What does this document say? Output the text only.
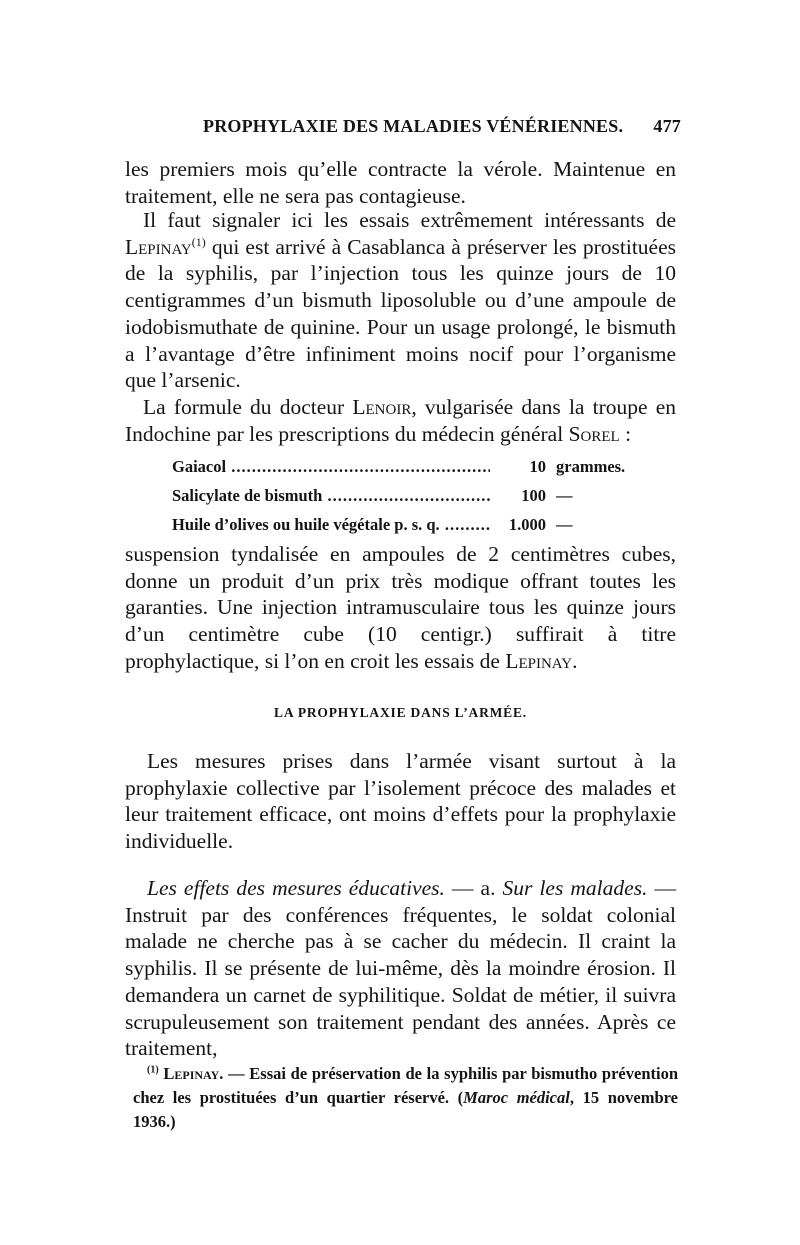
PROPHYLAXIE DES MALADIES VÉNÉRIENNES. 477
les premiers mois qu’elle contracte la vérole. Maintenue en traitement, elle ne sera pas contagieuse.
Il faut signaler ici les essais extrêmement intéressants de Lepinay$^{(1)}$ qui est arrivé à Casablanca à préserver les prostituées de la syphilis, par l’injection tous les quinze jours de 10 centigrammes d’un bismuth liposoluble ou d’une ampoule de iodobismuthate de quinine. Pour un usage prolongé, le bismuth a l’avantage d’être infiniment moins nocif pour l’organisme que l’arsenic.
La formule du docteur Lenoir, vulgarisée dans la troupe en Indochine par les prescriptions du médecin général Sorel :
Gaiacol .....	10 grammes.
Salicylate de bismuth .....	100 —
Huile d’olives ou huile végétale p. s. q. .....	1.000 —
suspension tyndalisée en ampoules de 2 centimètres cubes, donne un produit d’un prix très modique offrant toutes les garanties. Une injection intramusculaire tous les quinze jours d’un centimètre cube (10 centigr.) suffirait à titre prophylactique, si l’on en croit les essais de Lepinay.
LA PROPHYLAXIE DANS L’ARMÉE.
Les mesures prises dans l’armée visant surtout à la prophylaxie collective par l’isolement précoce des malades et leur traitement efficace, ont moins d’effets pour la prophylaxie individuelle.
Les effets des mesures éducatives. — a. Sur les malades. — Instruit par des conférences fréquentes, le soldat colonial malade ne cherche pas à se cacher du médecin. Il craint la syphilis. Il se présente de lui-même, dès la moindre érosion. Il demandera un carnet de syphilitique. Soldat de métier, il suivra scrupuleusement son traitement pendant des années. Après ce traitement,
$^{(1)}$ Lepinay. — Essai de préservation de la syphilis par bismutho prévention chez les prostituées d’un quartier réservé. (Maroc médical, 15 novembre 1936.)
